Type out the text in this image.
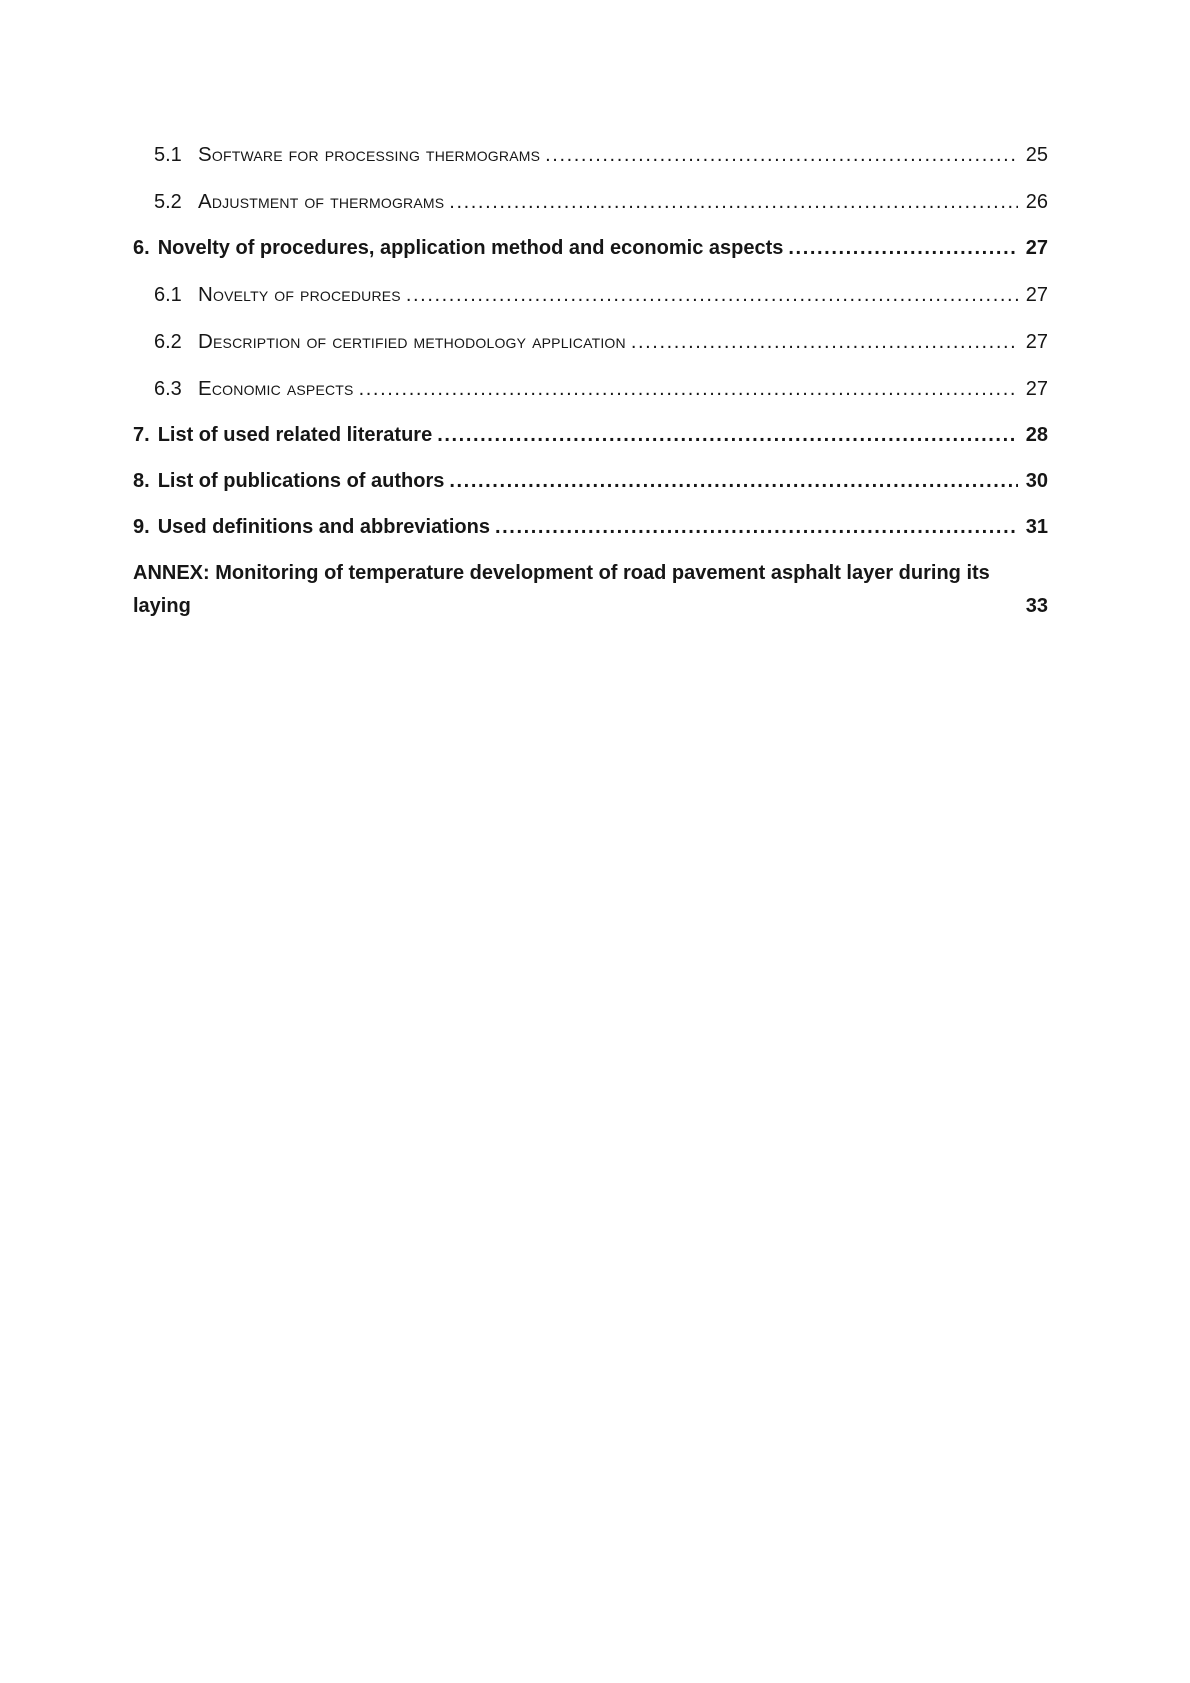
5.1 Software for processing thermograms .....	25
5.2 Adjustment of thermograms .....	26
6. Novelty of procedures, application method and economic aspects .....	27
6.1 Novelty of procedures .....	27
6.2 Description of certified methodology application .....	27
6.3 Economic aspects .....	27
7. List of used related literature .....	28
8. List of publications of authors .....	30
9. Used definitions and abbreviations .....	31
ANNEX: Monitoring of temperature development of road pavement asphalt layer during its laying	33
